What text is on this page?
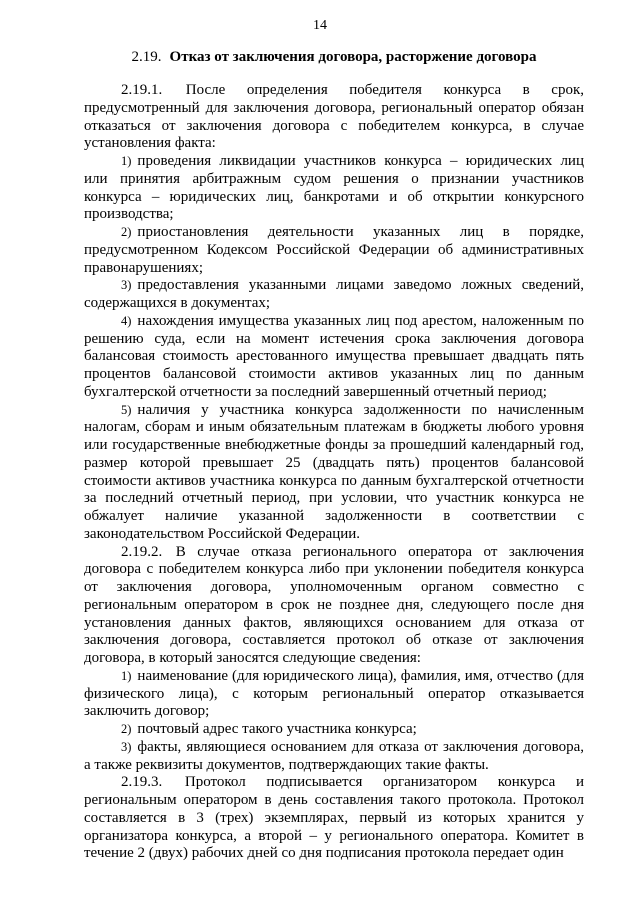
14
2.19. Отказ от заключения договора, расторжение договора

2.19.1. После определения победителя конкурса в срок, предусмотренный для заключения договора, региональный оператор обязан отказаться от заключения договора с победителем конкурса, в случае установления факта:

1) проведения ликвидации участников конкурса – юридических лиц или принятия арбитражным судом решения о признании участников конкурса – юридических лиц, банкротами и об открытии конкурсного производства;

2) приостановления деятельности указанных лиц в порядке, предусмотренном Кодексом Российской Федерации об административных правонарушениях;

3) предоставления указанными лицами заведомо ложных сведений, содержащихся в документах;

4) нахождения имущества указанных лиц под арестом, наложенным по решению суда, если на момент истечения срока заключения договора балансовая стоимость арестованного имущества превышает двадцать пять процентов балансовой стоимости активов указанных лиц по данным бухгалтерской отчетности за последний завершенный отчетный период;

5) наличия у участника конкурса задолженности по начисленным налогам, сборам и иным обязательным платежам в бюджеты любого уровня или государственные внебюджетные фонды за прошедший календарный год, размер которой превышает 25 (двадцать пять) процентов балансовой стоимости активов участника конкурса по данным бухгалтерской отчетности за последний отчетный период, при условии, что участник конкурса не обжалует наличие указанной задолженности в соответствии с законодательством Российской Федерации.

2.19.2. В случае отказа регионального оператора от заключения договора с победителем конкурса либо при уклонении победителя конкурса от заключения договора, уполномоченным органом совместно с региональным оператором в срок не позднее дня, следующего после дня установления данных фактов, являющихся основанием для отказа от заключения договора, составляется протокол об отказе от заключения договора, в который заносятся следующие сведения:

1) наименование (для юридического лица), фамилия, имя, отчество (для физического лица), с которым региональный оператор отказывается заключить договор;

2) почтовый адрес такого участника конкурса;

3) факты, являющиеся основанием для отказа от заключения договора, а также реквизиты документов, подтверждающих такие факты.

2.19.3. Протокол подписывается организатором конкурса и региональным оператором в день составления такого протокола. Протокол составляется в 3 (трех) экземплярах, первый из которых хранится у организатора конкурса, а второй – у регионального оператора. Комитет в течение 2 (двух) рабочих дней со дня подписания протокола передает один
